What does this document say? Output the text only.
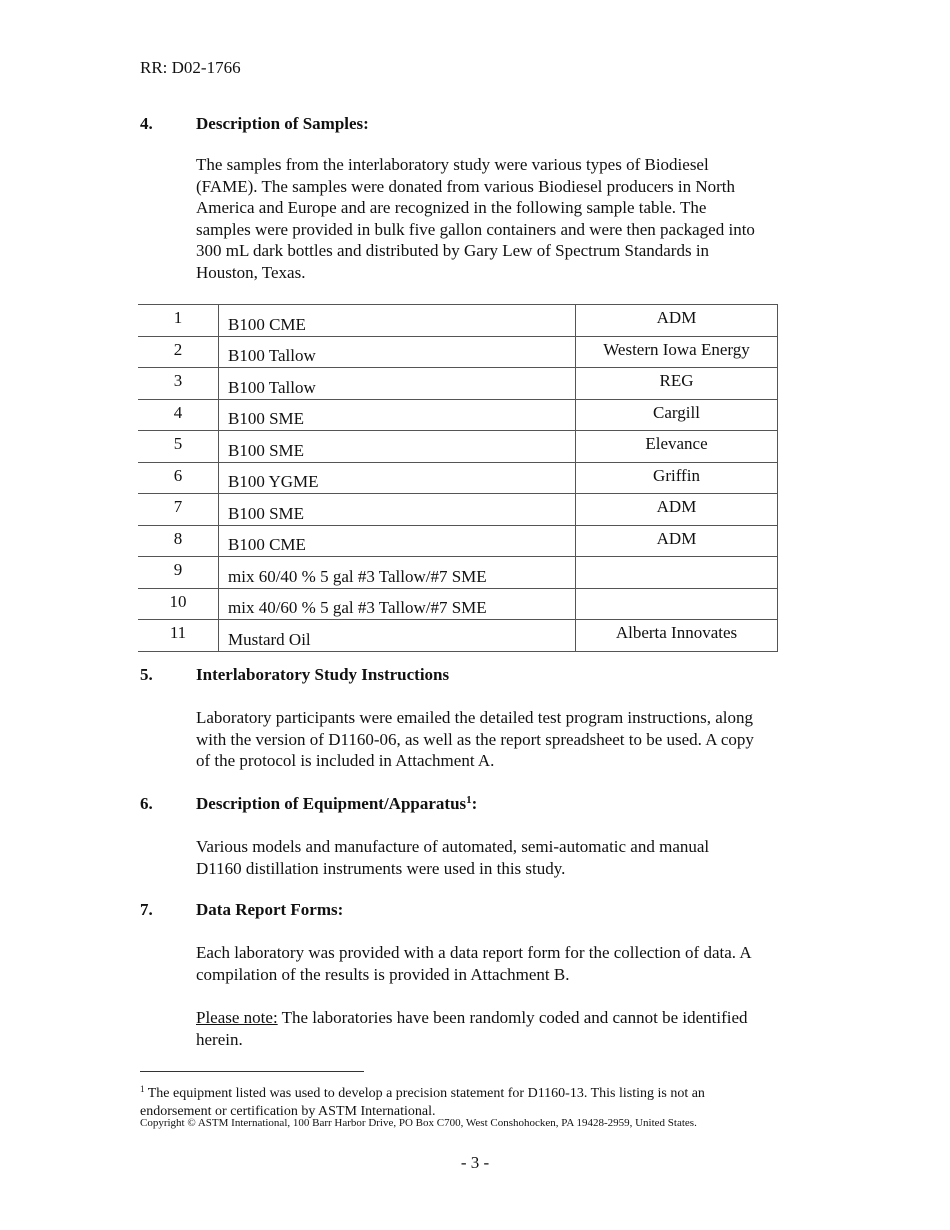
RR: D02-1766
4.	Description of Samples:
The samples from the interlaboratory study were various types of Biodiesel
(FAME). The samples were donated from various Biodiesel producers in North
America and Europe and are recognized in the following sample table. The
samples were provided in bulk five gallon containers and were then packaged into
300 mL dark bottles and distributed by Gary Lew of Spectrum Standards in
Houston, Texas.
1	B100 CME	ADM
2	B100 Tallow	Western Iowa Energy
3	B100 Tallow	REG
4	B100 SME	Cargill
5	B100 SME	Elevance
6	B100 YGME	Griffin
7	B100 SME	ADM
8	B100 CME	ADM
9	mix 60/40 % 5 gal #3 Tallow/#7 SME	
10	mix 40/60 % 5 gal #3 Tallow/#7 SME	
11	Mustard Oil	Alberta Innovates
5.	Interlaboratory Study Instructions
Laboratory participants were emailed the detailed test program instructions, along
with the version of D1160-06, as well as the report spreadsheet to be used. A copy
of the protocol is included in Attachment A.
6.	Description of Equipment/Apparatus$^1$:
Various models and manufacture of automated, semi-automatic and manual
D1160 distillation instruments were used in this study.
7.	Data Report Forms:
Each laboratory was provided with a data report form for the collection of data. A
compilation of the results is provided in Attachment B.
Please note: The laboratories have been randomly coded and cannot be identified
herein.
$^1$ The equipment listed was used to develop a precision statement for D1160-13. This listing is not an
endorsement or certification by ASTM International.
Copyright © ASTM International, 100 Barr Harbor Drive, PO Box C700, West Conshohocken, PA 19428-2959, United States.
- 3 -
